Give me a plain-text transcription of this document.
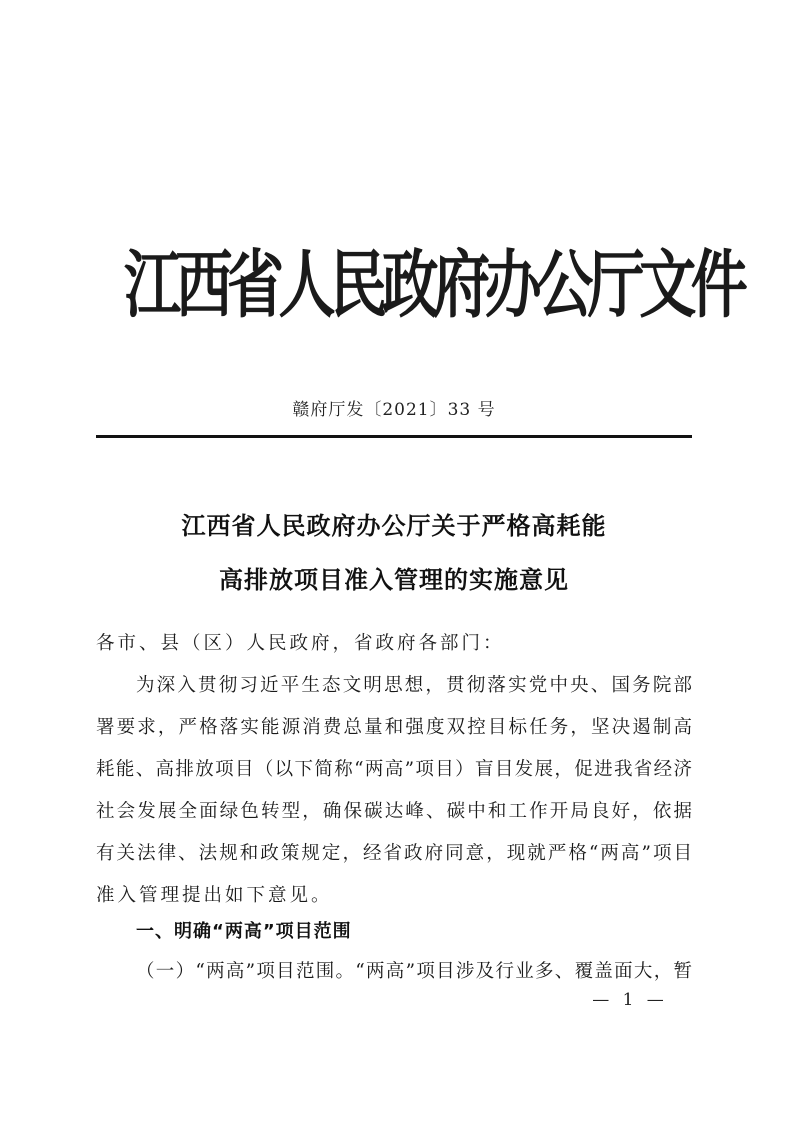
江西省人民政府办公厅文件
赣府厅发〔2021〕33 号
江西省人民政府办公厅关于严格高耗能
高排放项目准入管理的实施意见
各市、县（区）人民政府，省政府各部门：
为深入贯彻习近平生态文明思想，贯彻落实党中央、国务院部
署要求，严格落实能源消费总量和强度双控目标任务，坚决遏制高
耗能、高排放项目（以下简称“两高”项目）盲目发展，促进我省经济
社会发展全面绿色转型，确保碳达峰、碳中和工作开局良好，依据
有关法律、法规和政策规定，经省政府同意，现就严格“两高”项目
准入管理提出如下意见。
一、明确“两高”项目范围
（一）“两高”项目范围。“两高”项目涉及行业多、覆盖面大，暂
— 1 —
